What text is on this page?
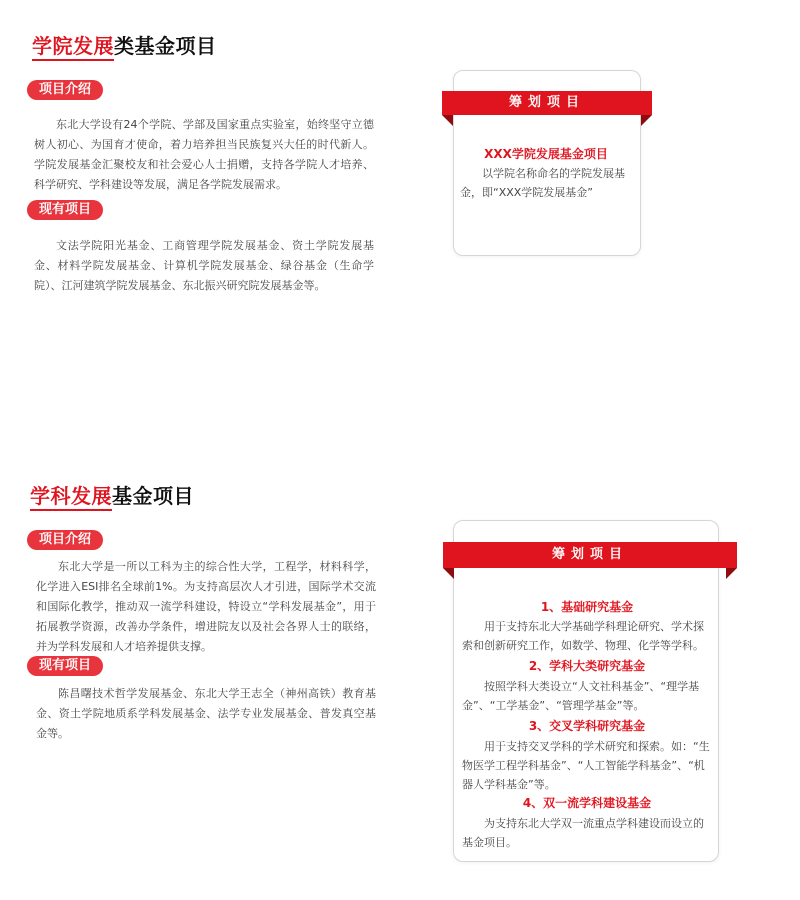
学院发展类基金项目
项目介绍

东北大学设有24个学院、学部及国家重点实验室，始终坚守立德树人初心、为国育才使命，着力培养担当民族复兴大任的时代新人。学院发展基金汇聚校友和社会爱心人士捐赠，支持各学院人才培养、科学研究、学科建设等发展，满足各学院发展需求。

现有项目

文法学院阳光基金、工商管理学院发展基金、资土学院发展基金、材料学院发展基金、计算机学院发展基金、绿谷基金（生命学院）、江河建筑学院发展基金、东北振兴研究院发展基金等。

筹划项目

XXX学院发展基金项目

以学院名称命名的学院发展基金，即“XXX学院发展基金”

学科发展基金项目
项目介绍

东北大学是一所以工科为主的综合性大学，工程学，材料科学，化学进入ESI排名全球前1%。为支持高层次人才引进，国际学术交流和国际化教学，推动双一流学科建设，特设立“学科发展基金”，用于拓展教学资源，改善办学条件，增进院友以及社会各界人士的联络，并为学科发展和人才培养提供支撑。

现有项目

陈昌曙技术哲学发展基金、东北大学王志全（神州高铁）教育基金、资土学院地质系学科发展基金、法学专业发展基金、普发真空基金等。

筹划项目

1、基础研究基金

用于支持东北大学基础学科理论研究、学术探索和创新研究工作，如数学、物理、化学等学科。

2、学科大类研究基金

按照学科大类设立“人文社科基金”、“理学基金”、“工学基金”、“管理学基金”等。

3、交叉学科研究基金

用于支持交叉学科的学术研究和探索。如：“生物医学工程学科基金”、“人工智能学科基金”、“机器人学科基金”等。

4、双一流学科建设基金

为支持东北大学双一流重点学科建设而设立的基金项目。
